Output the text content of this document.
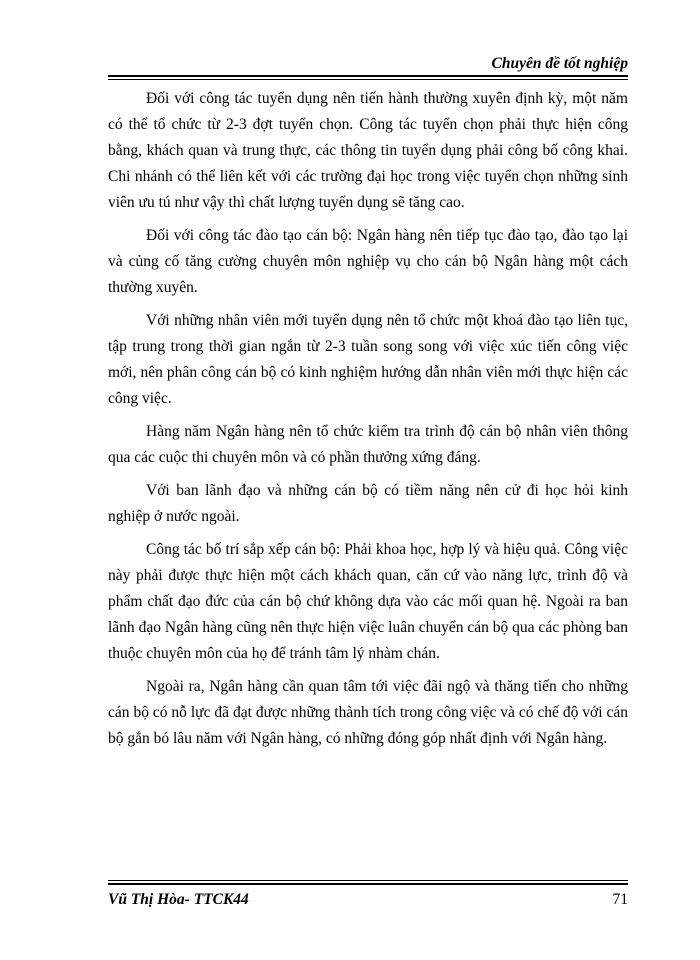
Chuyên đề tốt nghiệp

Đối với công tác tuyển dụng nên tiến hành thường xuyên định kỳ, một năm có thể tổ chức từ 2-3 đợt tuyển chọn. Công tác tuyển chọn phải thực hiện công bằng, khách quan và trung thực, các thông tin tuyển dụng phải công bố công khai. Chi nhánh có thể liên kết với các trường đại học trong việc tuyển chọn những sinh viên ưu tú như vậy thì chất lượng tuyển dụng sẽ tăng cao.

Đối với công tác đào tạo cán bộ: Ngân hàng nên tiếp tục đào tạo, đào tạo lại và củng cố tăng cường chuyên môn nghiệp vụ cho cán bộ Ngân hàng một cách thường xuyên.

Với những nhân viên mới tuyển dụng nên tổ chức một khoá đào tạo liên tục, tập trung trong thời gian ngắn từ 2-3 tuần song song với việc xúc tiến công việc mới, nên phân công cán bộ có kinh nghiệm hướng dẫn nhân viên mới thực hiện các công việc.

Hàng năm Ngân hàng nên tổ chức kiểm tra trình độ cán bộ nhân viên thông qua các cuộc thi chuyên môn và có phần thưởng xứng đáng.

Với ban lãnh đạo và những cán bộ có tiềm năng nên cử đi học hỏi kinh nghiệp ở nước ngoài.

Công tác bố trí sắp xếp cán bộ: Phải khoa học, hợp lý và hiệu quả. Công việc này phải được thực hiện một cách khách quan, căn cứ vào năng lực, trình độ và phẩm chất đạo đức của cán bộ chứ không dựa vào các mối quan hệ. Ngoài ra ban lãnh đạo Ngân hàng cũng nên thực hiện việc luân chuyển cán bộ qua các phòng ban thuộc chuyên môn của họ để tránh tâm lý nhàm chán.

Ngoài ra, Ngân hàng cần quan tâm tới việc đãi ngộ và thăng tiến cho những cán bộ có nỗ lực đã đạt được những thành tích trong công việc và có chế độ với cán bộ gắn bó lâu năm với Ngân hàng, có những đóng góp nhất định với Ngân hàng.

Vũ Thị Hòa- TTCK44	71
